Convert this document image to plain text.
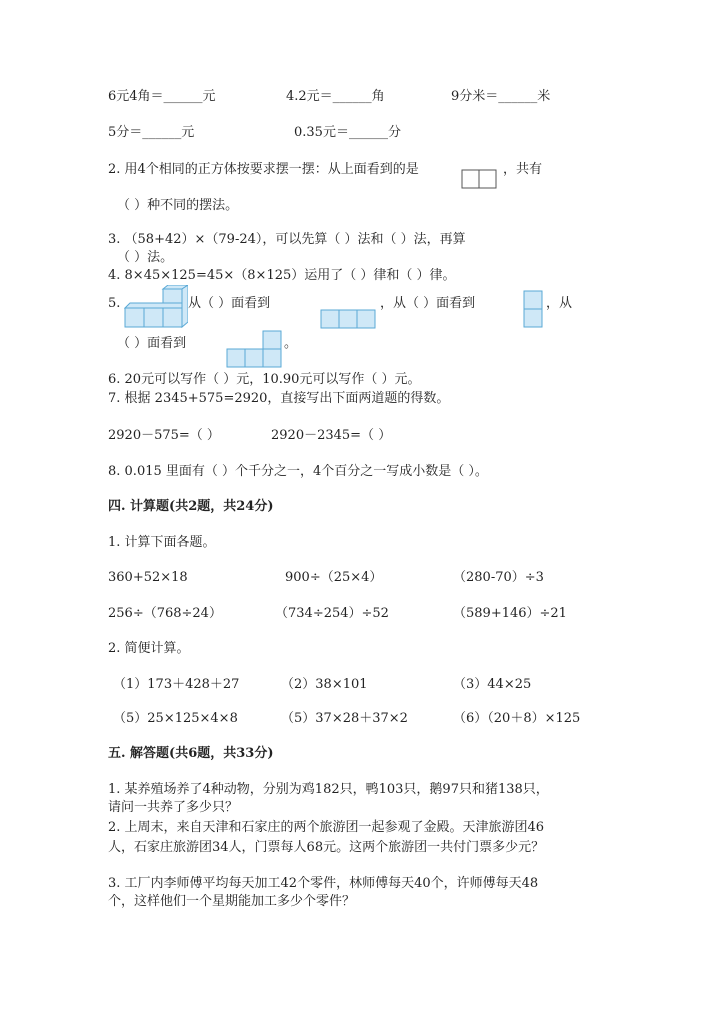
6元4角＝______元	4.2元＝______角	9分米＝______米
5分＝______元	0.35元＝______分
2. 用4个相同的正方体按要求摆一摆：从上面看到的是	，共有
（ ）种不同的摆法。
3. （58+42）×（79-24），可以先算（ ）法和（ ）法，再算
（ ）法。
4. 8×45×125=45×（8×125）运用了（ ）律和（ ）律。
5.	从（ ）面看到	，从（ ）面看到	，从
（ ）面看到	。
6. 20元可以写作（ ）元，10.90元可以写作（ ）元。
7. 根据 2345+575=2920，直接写出下面两道题的得数。
2920－575=（ ）	2920－2345=（ ）
8. 0.015 里面有（ ）个千分之一，4个百分之一写成小数是（ ）。
四. 计算题(共2题，共24分)
1. 计算下面各题。
360+52×18	900÷（25×4）	（280-70）÷3
256÷（768÷24）	（734÷254）÷52	（589+146）÷21
2. 简便计算。
（1）173＋428＋27	（2）38×101	（3）44×25
（5）25×125×4×8	（5）37×28＋37×2	（6）（20＋8）×125
五. 解答题(共6题，共33分)
1. 某养殖场养了4种动物，分别为鸡182只，鸭103只，鹅97只和猪138只，
请问一共养了多少只？
2. 上周末，来自天津和石家庄的两个旅游团一起参观了金殿。天津旅游团46
人，石家庄旅游团34人，门票每人68元。这两个旅游团一共付门票多少元？
3. 工厂内李师傅平均每天加工42个零件，林师傅每天40个，许师傅每天48
个，这样他们一个星期能加工多少个零件？
